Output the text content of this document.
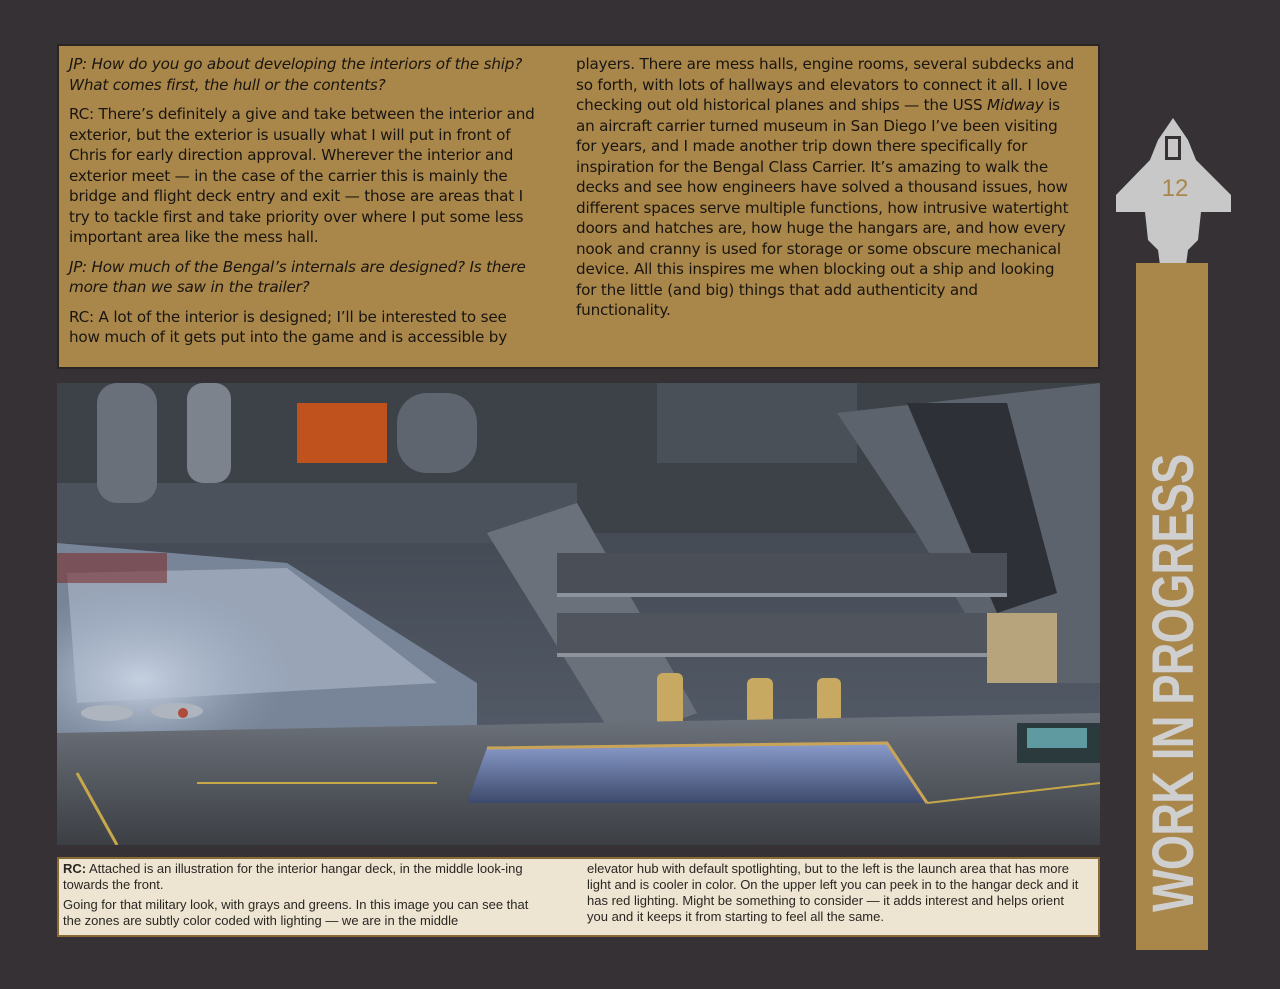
JP: How do you go about developing the interiors of the ship? What comes first, the hull or the contents?

RC: There’s definitely a give and take between the interior and exterior, but the exterior is usually what I will put in front of Chris for early direction approval. Wherever the interior and exterior meet — in the case of the carrier this is mainly the bridge and flight deck entry and exit — those are areas that I try to tackle first and take priority over where I put some less important area like the mess hall.

JP: How much of the Bengal’s internals are designed? Is there more than we saw in the trailer?

RC: A lot of the interior is designed; I’ll be interested to see how much of it gets put into the game and is accessible by

players. There are mess halls, engine rooms, several subdecks and so forth, with lots of hallways and elevators to connect it all. I love checking out old historical planes and ships — the USS Midway is an aircraft carrier turned museum in San Diego I’ve been visiting for years, and I made another trip down there specifically for inspiration for the Bengal Class Carrier. It’s amazing to walk the decks and see how engineers have solved a thousand issues, how different spaces serve multiple functions, how intrusive watertight doors and hatches are, how huge the hangars are, and how every nook and cranny is used for storage or some obscure mechanical device. All this inspires me when blocking out a ship and looking for the little (and big) things that add authenticity and functionality.

RC: Attached is an illustration for the interior hangar deck, in the middle look-ing towards the front.

Going for that military look, with grays and greens. In this image you can see that the zones are subtly color coded with lighting — we are in the middle

elevator hub with default spotlighting, but to the left is the launch area that has more light and is cooler in color. On the upper left you can peek in to the hangar deck and it has red lighting. Might be something to consider — it adds interest and helps orient you and it keeps it from starting to feel all the same.

12
WORK IN PROGRESS
